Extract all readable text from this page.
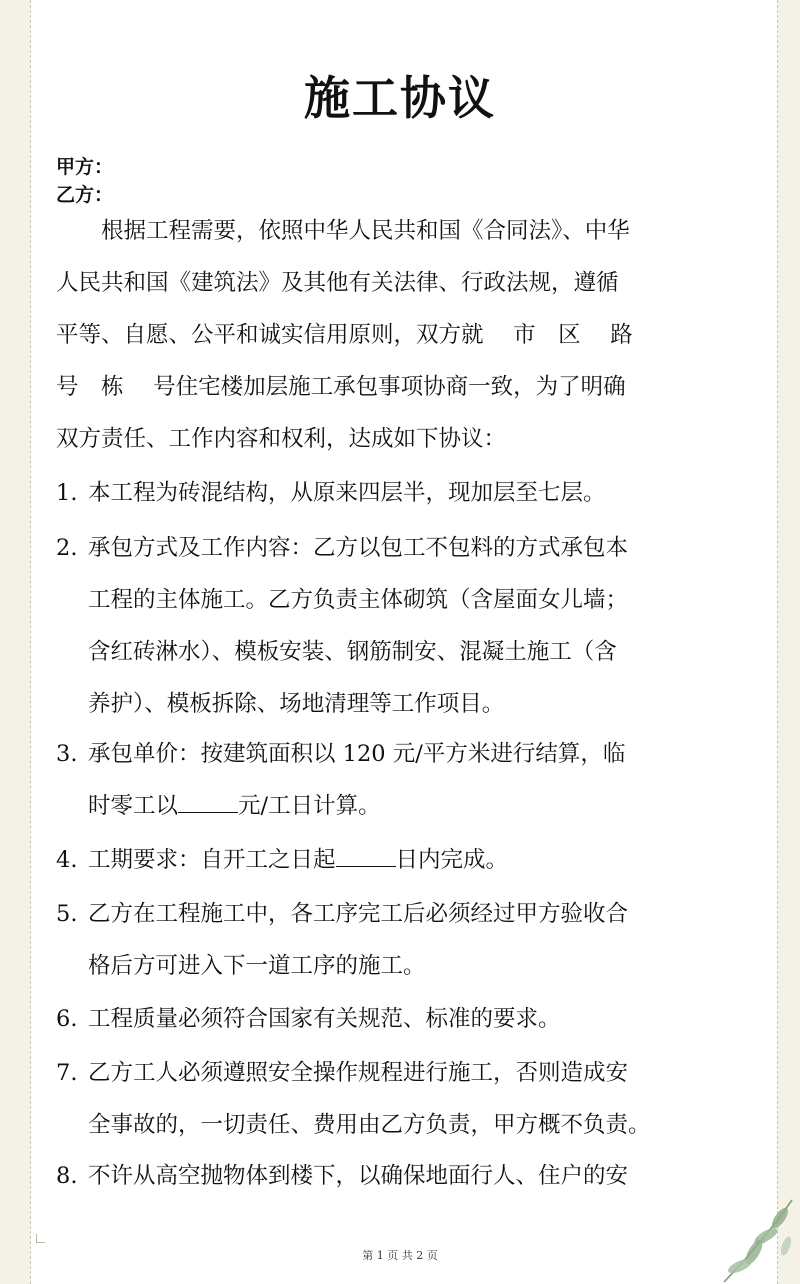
施工协议
甲方：
乙方：
根据工程需要，依照中华人民共和国《合同法》、中华
人民共和国《建筑法》及其他有关法律、行政法规，遵循
平等、自愿、公平和诚实信用原则，双方就　 市　区　 路
号　栋　 号住宅楼加层施工承包事项协商一致，为了明确
双方责任、工作内容和权利，达成如下协议：
1. 本工程为砖混结构，从原来四层半，现加层至七层。
2. 承包方式及工作内容：乙方以包工不包料的方式承包本
工程的主体施工。乙方负责主体砌筑（含屋面女儿墙；
含红砖淋水）、模板安装、钢筋制安、混凝土施工（含
养护）、模板拆除、场地清理等工作项目。
3. 承包单价：按建筑面积以 120 元/平方米进行结算，临
时零工以	元/工日计算。
4. 工期要求：自开工之日起	日内完成。
5. 乙方在工程施工中，各工序完工后必须经过甲方验收合
格后方可进入下一道工序的施工。
6. 工程质量必须符合国家有关规范、标准的要求。
7. 乙方工人必须遵照安全操作规程进行施工，否则造成安
全事故的，一切责任、费用由乙方负责，甲方概不负责。
8. 不许从高空抛物体到楼下，以确保地面行人、住户的安
第 1 页 共 2 页
